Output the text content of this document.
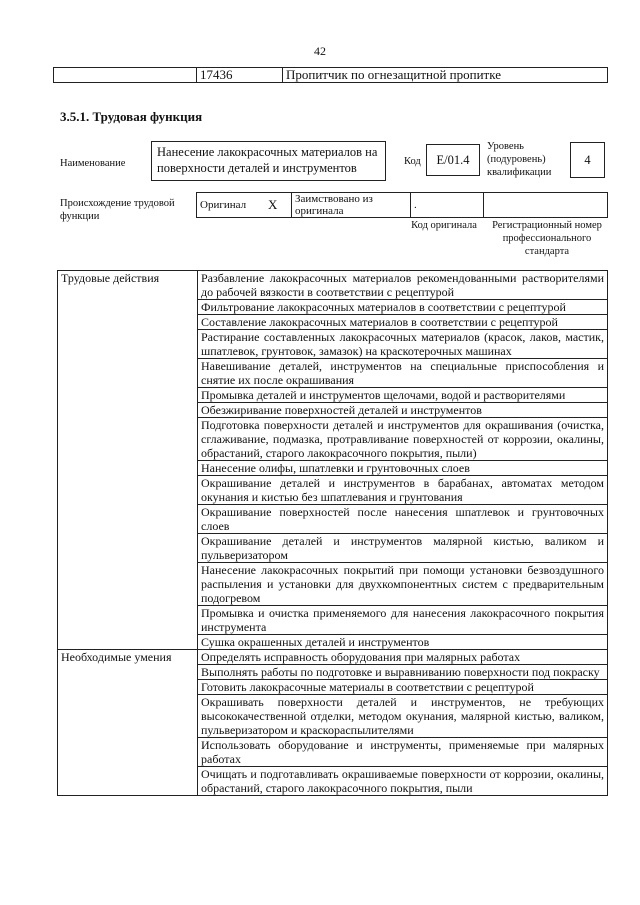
42
	17436	Пропитчик по огнезащитной пропитке
3.5.1. Трудовая функция
Наименование
Нанесение лакокрасочных материалов на поверхности деталей и инструментов	Код	E/01.4
Уровень (подуровень) квалификации
4
Происхождение трудовой функции
Оригинал	X	Заимствовано из оригинала	.	
Код оригинала	Регистрационный номер профессионального стандарта
Трудовые действия	Разбавление лакокрасочных материалов рекомендованными растворителями до рабочей вязкости в соответствии с рецептурой
	Фильтрование лакокрасочных материалов в соответствии с рецептурой
	Составление лакокрасочных материалов в соответствии с рецептурой
	Растирание составленных лакокрасочных материалов (красок, лаков, мастик, шпатлевок, грунтовок, замазок) на краскотерочных машинах
	Навешивание деталей, инструментов на специальные приспособления и снятие их после окрашивания
	Промывка деталей и инструментов щелочами, водой и растворителями
	Обезжиривание поверхностей деталей и инструментов
	Подготовка поверхности деталей и инструментов для окрашивания (очистка, сглаживание, подмазка, протравливание поверхностей от коррозии, окалины, обрастаний, старого лакокрасочного покрытия, пыли)
	Нанесение олифы, шпатлевки и грунтовочных слоев
	Окрашивание деталей и инструментов в барабанах, автоматах методом окунания и кистью без шпатлевания и грунтования
	Окрашивание поверхностей после нанесения шпатлевок и грунтовочных слоев
	Окрашивание деталей и инструментов малярной кистью, валиком и пульверизатором
	Нанесение лакокрасочных покрытий при помощи установки безвоздушного распыления и установки для двухкомпонентных систем с предварительным подогревом
	Промывка и очистка применяемого для нанесения лакокрасочного покрытия инструмента
	Сушка окрашенных деталей и инструментов
Необходимые умения	Определять исправность оборудования при малярных работах
	Выполнять работы по подготовке и выравниванию поверхности под покраску
	Готовить лакокрасочные материалы в соответствии с рецептурой
	Окрашивать поверхности деталей и инструментов, не требующих высококачественной отделки, методом окунания, малярной кистью, валиком, пульверизатором и краскораспылителями
	Использовать оборудование и инструменты, применяемые при малярных работах
	Очищать и подготавливать окрашиваемые поверхности от коррозии, окалины, обрастаний, старого лакокрасочного покрытия, пыли
